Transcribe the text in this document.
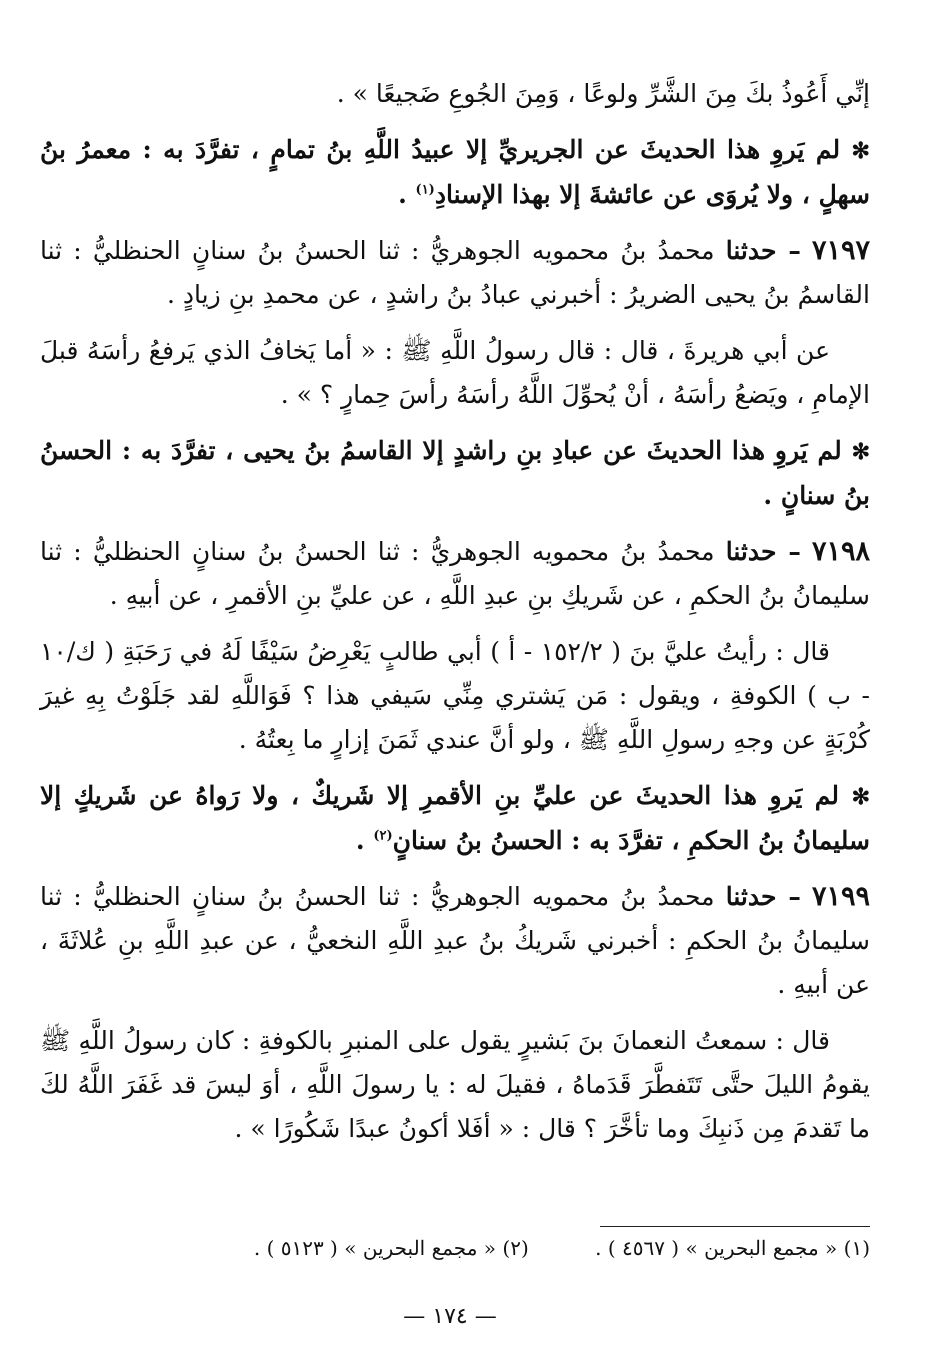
إنِّي أَعُوذُ بكَ مِنَ الشَّرِّ ولوعًا ، وَمِنَ الجُوعِ ضَجيعًا » .

✻ لم يَروِ هذا الحديثَ عن الجريريِّ إلا عبيدُ اللَّهِ بنُ تمامٍ ، تفرَّدَ به : معمرُ بنُ سهلٍ ، ولا يُروَى عن عائشةَ إلا بهذا الإسنادِ$^{(١)}$ .

٧١٩٧ – حدثنا محمدُ بنُ محمويه الجوهريُّ : ثنا الحسنُ بنُ سنانٍ الحنظليُّ : ثنا القاسمُ بنُ يحيى الضريرُ : أخبرني عبادُ بنُ راشدٍ ، عن محمدِ بنِ زيادٍ .

عن أبي هريرةَ ، قال : قال رسولُ اللَّهِ ﷺ : « أما يَخافُ الذي يَرفعُ رأسَهُ قبلَ الإمامِ ، ويَضعُ رأسَهُ ، أنْ يُحوِّلَ اللَّهُ رأسَهُ رأسَ حِمارٍ ؟ » .

✻ لم يَروِ هذا الحديثَ عن عبادِ بنِ راشدٍ إلا القاسمُ بنُ يحيى ، تفرَّدَ به : الحسنُ بنُ سنانٍ .

٧١٩٨ – حدثنا محمدُ بنُ محمويه الجوهريُّ : ثنا الحسنُ بنُ سنانٍ الحنظليُّ : ثنا سليمانُ بنُ الحكمِ ، عن شَريكِ بنِ عبدِ اللَّهِ ، عن عليِّ بنِ الأقمرِ ، عن أبيهِ .

قال : رأيتُ عليَّ بنَ ( ١٥٢/٢ - أ ) أبي طالبٍ يَعْرِضُ سَيْفًا لَهُ في رَحَبَةِ ( ك/١٠ - ب ) الكوفةِ ، ويقول : مَن يَشتري مِنِّي سَيفي هذا ؟ فَوَاللَّهِ لقد جَلَوْتُ بِهِ غيرَ كُرْبَةٍ عن وجهِ رسولِ اللَّهِ ﷺ ، ولو أنَّ عندي ثَمَنَ إزارٍ ما بِعتُهُ .

✻ لم يَروِ هذا الحديثَ عن عليِّ بنِ الأقمرِ إلا شَريكٌ ، ولا رَواهُ عن شَريكٍ إلا سليمانُ بنُ الحكمِ ، تفرَّدَ به : الحسنُ بنُ سنانٍ$^{(٢)}$ .

٧١٩٩ – حدثنا محمدُ بنُ محمويه الجوهريُّ : ثنا الحسنُ بنُ سنانٍ الحنظليُّ : ثنا سليمانُ بنُ الحكمِ : أخبرني شَريكُ بنُ عبدِ اللَّهِ النخعيُّ ، عن عبدِ اللَّهِ بنِ عُلاثَةَ ، عن أبيهِ .

قال : سمعتُ النعمانَ بنَ بَشيرٍ يقول على المنبرِ بالكوفةِ : كان رسولُ اللَّهِ ﷺ يقومُ الليلَ حتَّى تَتَفطَّرَ قَدَماهُ ، فقيلَ له : يا رسولَ اللَّهِ ، أوَ ليسَ قد غَفَرَ اللَّهُ لكَ ما تَقدمَ مِن ذَنبِكَ وما تأخَّرَ ؟ قال : « أفَلا أكونُ عبدًا شَكُورًا » .

(١) « مجمع البحرين » ( ٤٥٦٧ ) . (٢) « مجمع البحرين » ( ٥١٢٣ ) .
— ١٧٤ —
